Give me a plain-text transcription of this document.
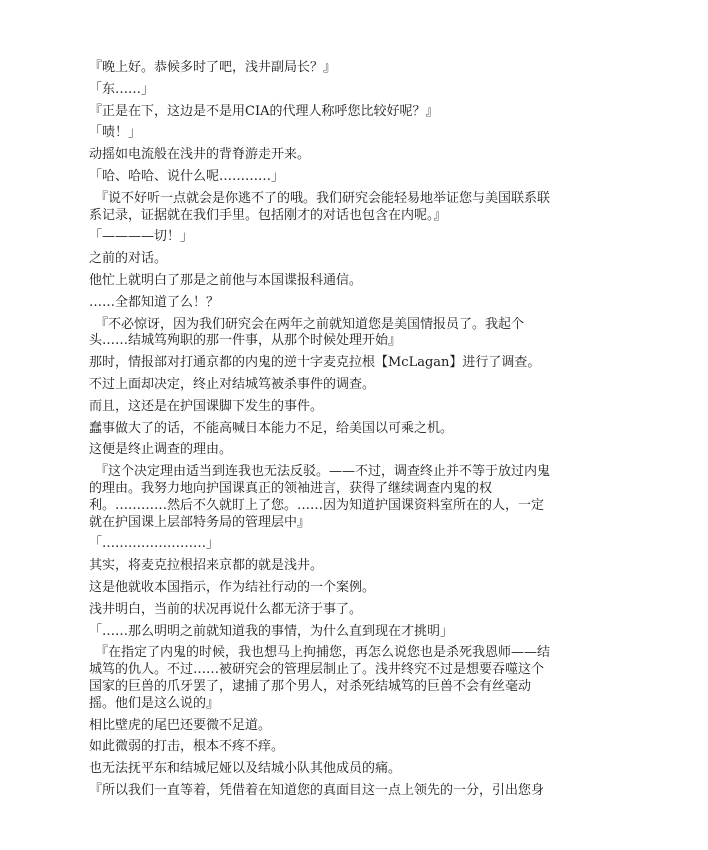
『晚上好。恭候多时了吧，浅井副局长？』

「东……」

『正是在下，这边是不是用CIA的代理人称呼您比较好呢？』

「啧！」

动摇如电流般在浅井的背脊游走开来。

「哈、哈哈、说什么呢…………」

『说不好听一点就会是你逃不了的哦。我们研究会能轻易地举证您与美国联系联系记录，证据就在我们手里。包括刚才的对话也包含在内呢。』

「————切！」

之前的对话。

他忙上就明白了那是之前他与本国谍报科通信。

……全都知道了么！？

『不必惊讶，因为我们研究会在两年之前就知道您是美国情报员了。我起个头……结城笃殉职的那一件事，从那个时候处理开始』

那时，情报部对打通京都的内鬼的逆十字麦克拉根【McLagan】进行了调查。

不过上面却决定，终止对结城笃被杀事件的调查。

而且，这还是在护国课脚下发生的事件。

蠢事做大了的话，不能高喊日本能力不足，给美国以可乘之机。

这便是终止调查的理由。

『这个决定理由适当到连我也无法反驳。——不过，调查终止并不等于放过内鬼的理由。我努力地向护国课真正的领袖进言，获得了继续调查内鬼的权利。…………然后不久就盯上了您。……因为知道护国课资料室所在的人，一定就在护国课上层部特务局的管理层中』

「……………………」

其实，将麦克拉根招来京都的就是浅井。

这是他就收本国指示，作为结社行动的一个案例。

浅井明白，当前的状况再说什么都无济于事了。

「……那么明明之前就知道我的事情，为什么直到现在才挑明」

『在指定了内鬼的时候，我也想马上拘捕您，再怎么说您也是杀死我恩师——结城笃的仇人。不过……被研究会的管理层制止了。浅井终究不过是想要吞噬这个国家的巨兽的爪牙罢了，逮捕了那个男人，对杀死结城笃的巨兽不会有丝毫动摇。他们是这么说的』

相比壁虎的尾巴还要微不足道。

如此微弱的打击，根本不疼不痒。

也无法抚平东和结城尼娅以及结城小队其他成员的痛。

『所以我们一直等着，凭借着在知道您的真面目这一点上领先的一分，引出您身
